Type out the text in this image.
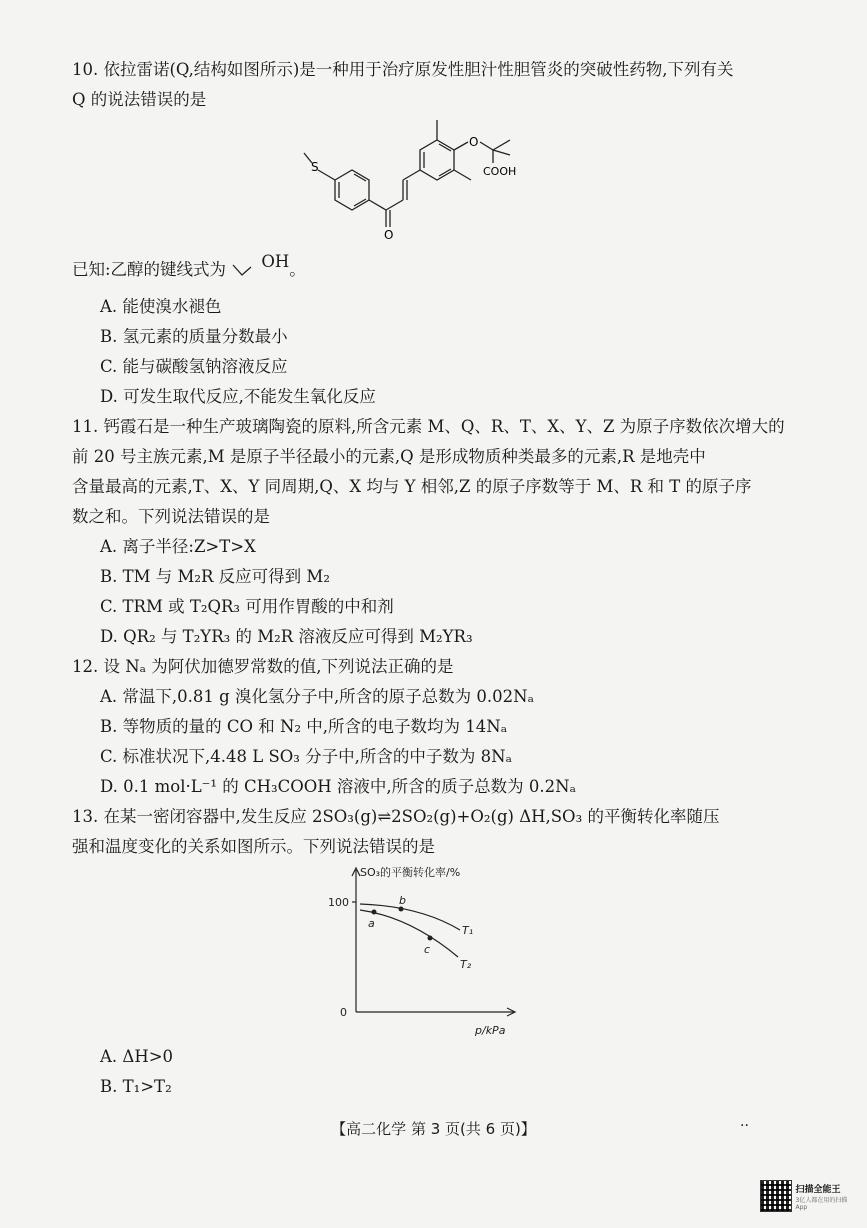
10. 依拉雷诺(Q,结构如图所示)是一种用于治疗原发性胆汁性胆管炎的突破性药物,下列有关
Q 的说法错误的是
S
O
O
COOH
已知:乙醇的键线式为 OH。
A. 能使溴水褪色
B. 氢元素的质量分数最小
C. 能与碳酸氢钠溶液反应
D. 可发生取代反应,不能发生氧化反应
11. 钙霞石是一种生产玻璃陶瓷的原料,所含元素 M、Q、R、T、X、Y、Z 为原子序数依次增大的
前 20 号主族元素,M 是原子半径最小的元素,Q 是形成物质种类最多的元素,R 是地壳中
含量最高的元素,T、X、Y 同周期,Q、X 均与 Y 相邻,Z 的原子序数等于 M、R 和 T 的原子序
数之和。下列说法错误的是
A. 离子半径:Z>T>X
B. TM 与 M₂R 反应可得到 M₂
C. TRM 或 T₂QR₃ 可用作胃酸的中和剂
D. QR₂ 与 T₂YR₃ 的 M₂R 溶液反应可得到 M₂YR₃
12. 设 Nₐ 为阿伏加德罗常数的值,下列说法正确的是
A. 常温下,0.81 g 溴化氢分子中,所含的原子总数为 0.02Nₐ
B. 等物质的量的 CO 和 N₂ 中,所含的电子数均为 14Nₐ
C. 标准状况下,4.48 L SO₃ 分子中,所含的中子数为 8Nₐ
D. 0.1 mol·L⁻¹ 的 CH₃COOH 溶液中,所含的质子总数为 0.2Nₐ
13. 在某一密闭容器中,发生反应 2SO₃(g)⇌2SO₂(g)+O₂(g) ΔH,SO₃ 的平衡转化率随压
强和温度变化的关系如图所示。下列说法错误的是
SO₃的平衡转化率/%
100
0
p/kPa
T₁
T₂
a
b
c
A. ΔH>0
B. T₁>T₂
【高二化学 第 3 页(共 6 页)】	··
扫描全能王
3亿人都在用的扫描App
